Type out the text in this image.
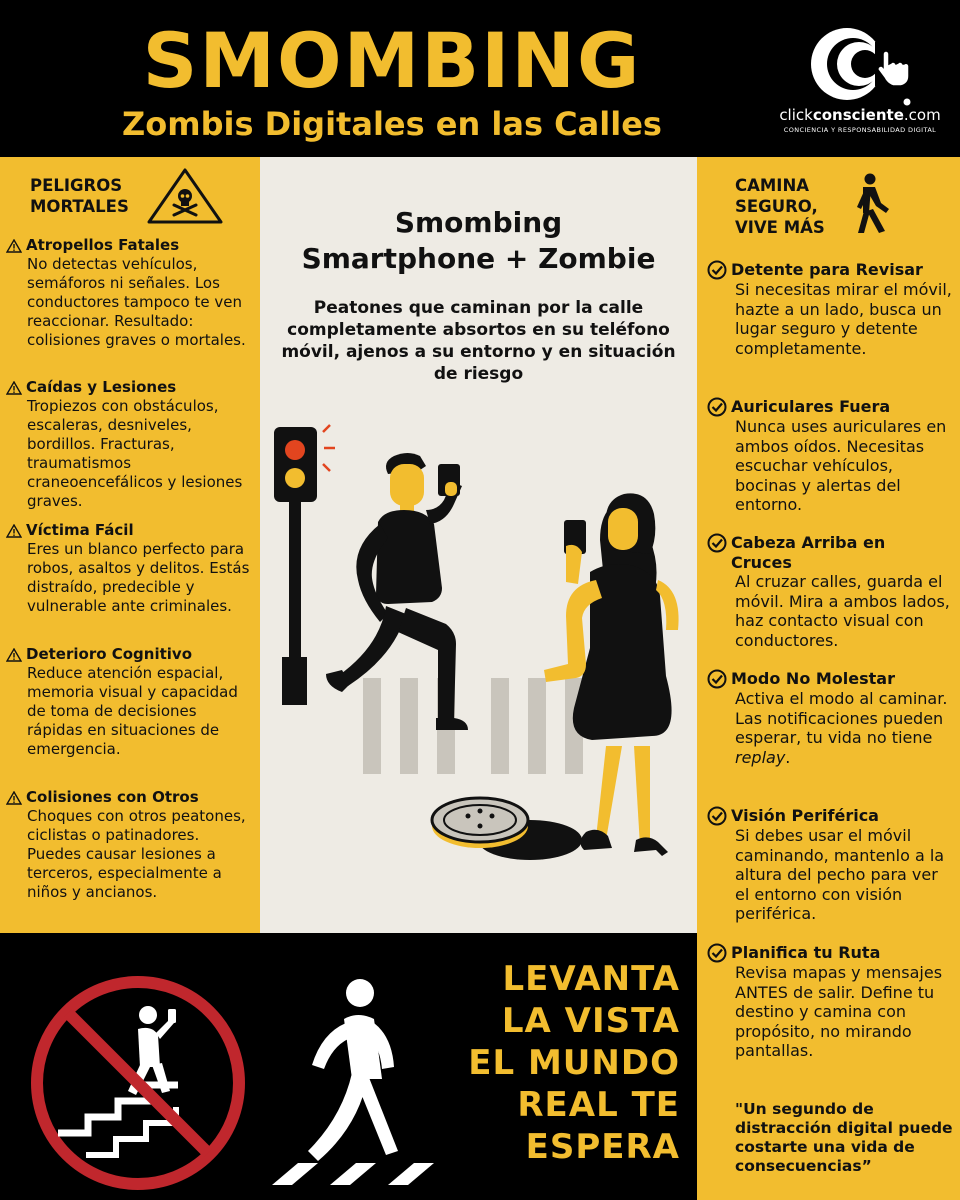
SMOMBING
Zombis Digitales en las Calles	clickconsciente.com
CONCIENCIA Y RESPONSABILIDAD DIGITAL
PELIGROS
MORTALES
Atropellos Fatales
No detectas vehículos, semáforos ni señales. Los conductores tampoco te ven reaccionar. Resultado: colisiones graves o mortales.
Caídas y Lesiones
Tropiezos con obstáculos, escaleras, desniveles, bordillos. Fracturas, traumatismos craneoencefálicos y lesiones graves.
Víctima Fácil
Eres un blanco perfecto para robos, asaltos y delitos. Estás distraído, predecible y vulnerable ante criminales.
Deterioro Cognitivo
Reduce atención espacial, memoria visual y capacidad de toma de decisiones rápidas en situaciones de emergencia.
Colisiones con Otros
Choques con otros peatones, ciclistas o patinadores. Puedes causar lesiones a terceros, especialmente a niños y ancianos.
Smombing
Smartphone + Zombie
Peatones que caminan por la calle completamente absortos en su teléfono móvil, ajenos a su entorno y en situación de riesgo
CAMINA
SEGURO,
VIVE MÁS
Detente para Revisar
Si necesitas mirar el móvil, hazte a un lado, busca un lugar seguro y detente completamente.
Auriculares Fuera
Nunca uses auriculares en ambos oídos. Necesitas escuchar vehículos, bocinas y alertas del entorno.
Cabeza Arriba en Cruces
Al cruzar calles, guarda el móvil. Mira a ambos lados, haz contacto visual con conductores.
Modo No Molestar
Activa el modo al caminar. Las notificaciones pueden esperar, tu vida no tiene replay.
Visión Periférica
Si debes usar el móvil caminando, mantenlo a la altura del pecho para ver el entorno con visión periférica.
Planifica tu Ruta
Revisa mapas y mensajes ANTES de salir. Define tu destino y camina con propósito, no mirando pantallas.
"Un segundo de distracción digital puede costarte una vida de consecuencias”
LEVANTA
LA VISTA
EL MUNDO
REAL TE
ESPERA
